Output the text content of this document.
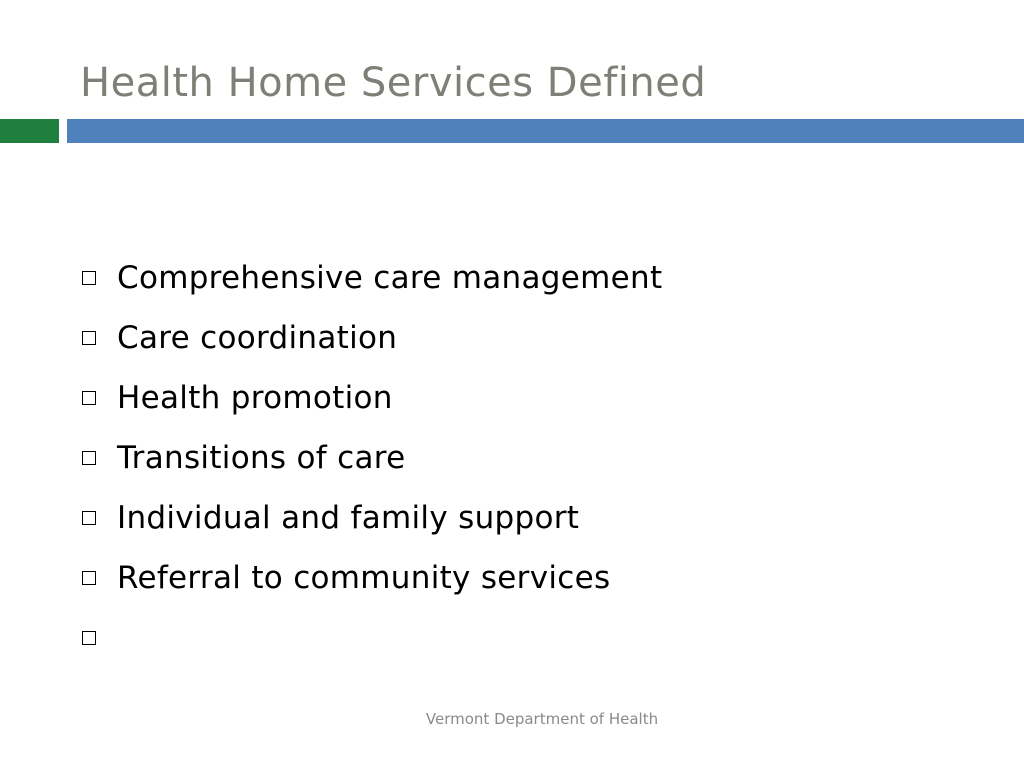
Health Home Services Defined
Comprehensive care management
Care coordination
Health promotion
Transitions of care
Individual and family support
Referral to community services
Vermont Department of Health
